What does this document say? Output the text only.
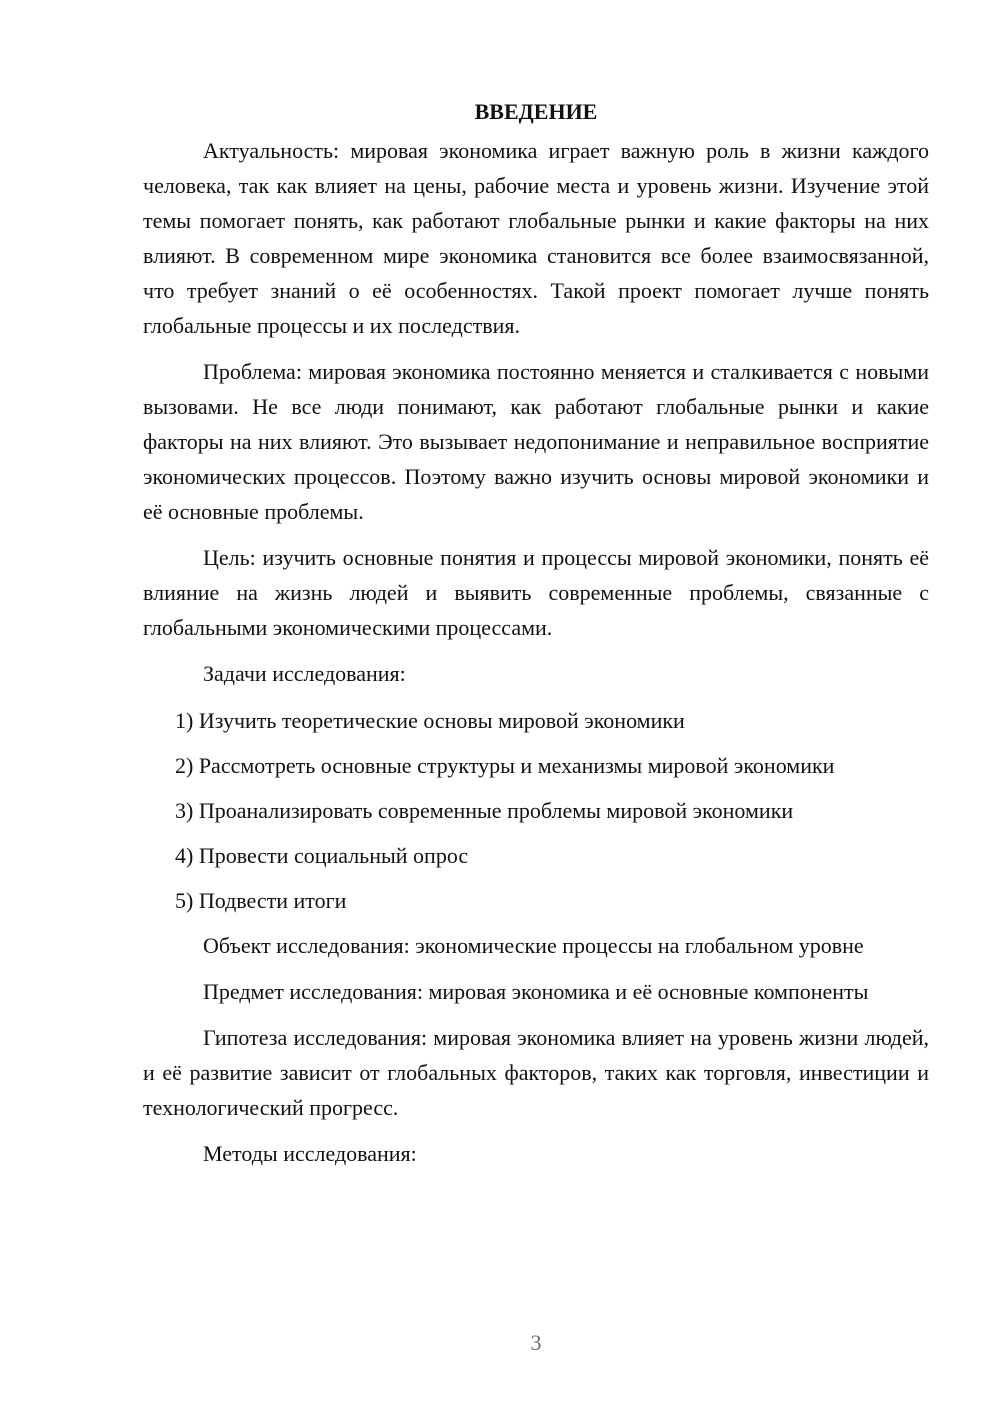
ВВЕДЕНИЕ

Актуальность: мировая экономика играет важную роль в жизни каждого человека, так как влияет на цены, рабочие места и уровень жизни. Изучение этой темы помогает понять, как работают глобальные рынки и какие факторы на них влияют. В современном мире экономика становится все более взаимосвязанной, что требует знаний о её особенностях. Такой проект помогает лучше понять глобальные процессы и их последствия.

Проблема: мировая экономика постоянно меняется и сталкивается с новыми вызовами. Не все люди понимают, как работают глобальные рынки и какие факторы на них влияют. Это вызывает недопонимание и неправильное восприятие экономических процессов. Поэтому важно изучить основы мировой экономики и её основные проблемы.

Цель: изучить основные понятия и процессы мировой экономики, понять её влияние на жизнь людей и выявить современные проблемы, связанные с глобальными экономическими процессами.

Задачи исследования:

1) Изучить теоретические основы мировой экономики
2) Рассмотреть основные структуры и механизмы мировой экономики
3) Проанализировать современные проблемы мировой экономики
4) Провести социальный опрос
5) Подвести итоги

Объект исследования: экономические процессы на глобальном уровне

Предмет исследования: мировая экономика и её основные компоненты

Гипотеза исследования: мировая экономика влияет на уровень жизни людей, и её развитие зависит от глобальных факторов, таких как торговля, инвестиции и технологический прогресс.

Методы исследования:

3
